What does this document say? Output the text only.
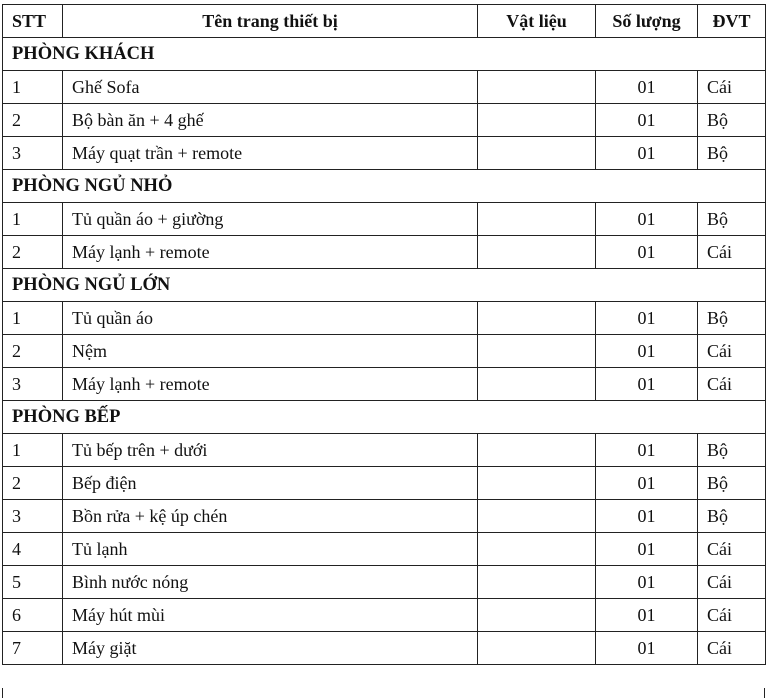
STT	Tên trang thiết bị	Vật liệu	Số lượng	ĐVT
PHÒNG KHÁCH				
1	Ghế Sofa		01	Cái
2	Bộ bàn ăn + 4 ghế		01	Bộ
3	Máy quạt trần + remote		01	Bộ
PHÒNG NGỦ NHỎ				
1	Tủ quần áo + giường		01	Bộ
2	Máy lạnh + remote		01	Cái
PHÒNG NGỦ LỚN				
1	Tủ quần áo		01	Bộ
2	Nệm		01	Cái
3	Máy lạnh + remote		01	Cái
PHÒNG BẾP				
1	Tủ bếp trên + dưới		01	Bộ
2	Bếp điện		01	Bộ
3	Bồn rửa + kệ úp chén		01	Bộ
4	Tủ lạnh		01	Cái
5	Bình nước nóng		01	Cái
6	Máy hút mùi		01	Cái
7	Máy giặt		01	Cái
